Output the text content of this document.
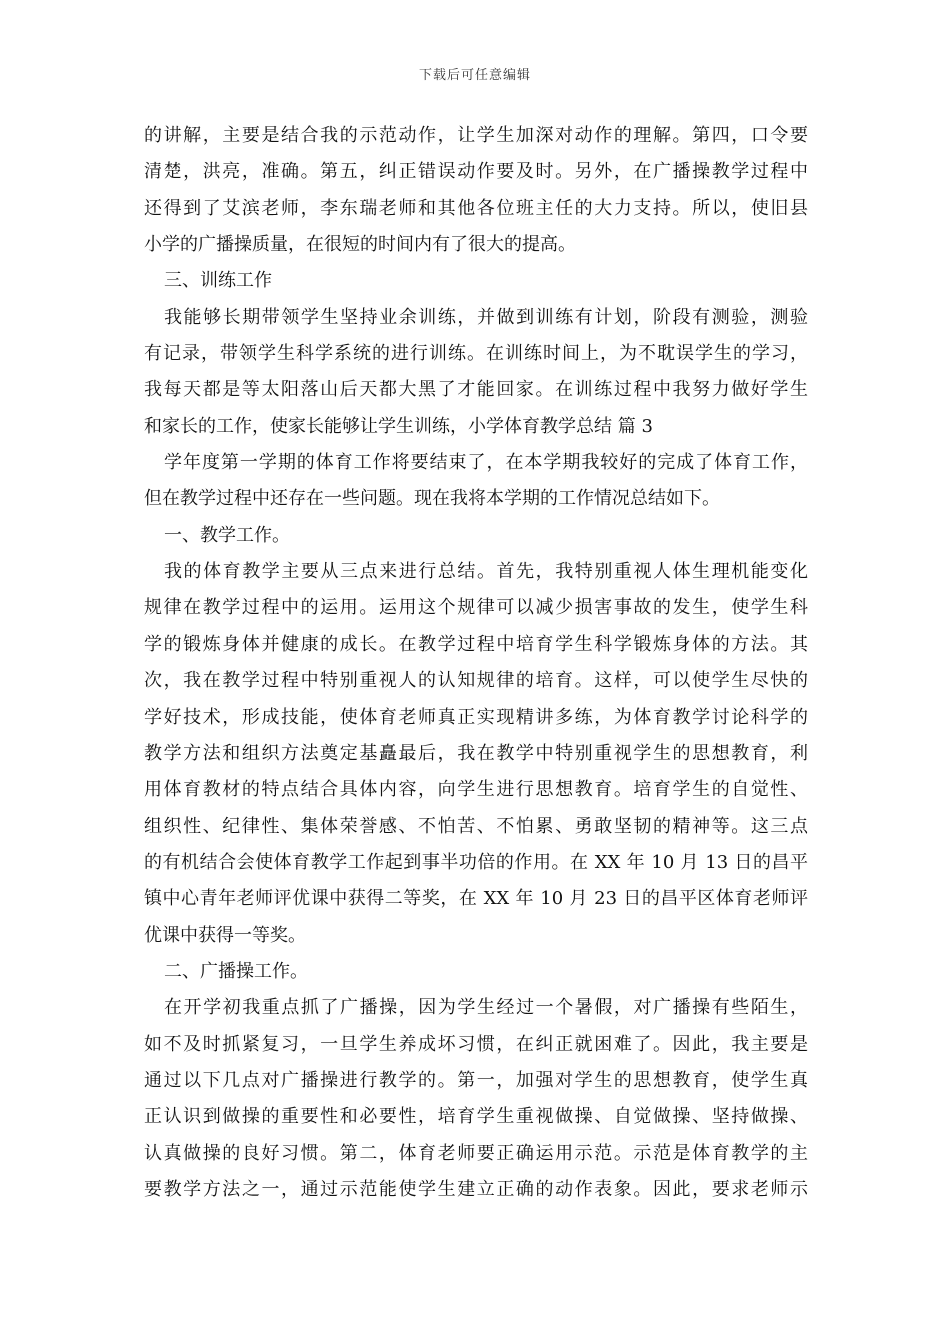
下载后可任意编辑
的讲解，主要是结合我的示范动作，让学生加深对动作的理解。第四，口令要
清楚，洪亮，准确。第五，纠正错误动作要及时。另外，在广播操教学过程中
还得到了艾滨老师，李东瑞老师和其他各位班主任的大力支持。所以，使旧县
小学的广播操质量，在很短的时间内有了很大的提高。
三、训练工作
我能够长期带领学生坚持业余训练，并做到训练有计划，阶段有测验，测验
有记录，带领学生科学系统的进行训练。在训练时间上，为不耽误学生的学习，
我每天都是等太阳落山后天都大黑了才能回家。在训练过程中我努力做好学生
和家长的工作，使家长能够让学生训练，小学体育教学总结 篇 3
学年度第一学期的体育工作将要结束了，在本学期我较好的完成了体育工作，
但在教学过程中还存在一些问题。现在我将本学期的工作情况总结如下。
一、教学工作。
我的体育教学主要从三点来进行总结。首先，我特别重视人体生理机能变化
规律在教学过程中的运用。运用这个规律可以减少损害事故的发生，使学生科
学的锻炼身体并健康的成长。在教学过程中培育学生科学锻炼身体的方法。其
次，我在教学过程中特别重视人的认知规律的培育。这样，可以使学生尽快的
学好技术，形成技能，使体育老师真正实现精讲多练，为体育教学讨论科学的
教学方法和组织方法奠定基矗最后，我在教学中特别重视学生的思想教育，利
用体育教材的特点结合具体内容，向学生进行思想教育。培育学生的自觉性、
组织性、纪律性、集体荣誉感、不怕苦、不怕累、勇敢坚韧的精神等。这三点
的有机结合会使体育教学工作起到事半功倍的作用。在 XX 年 10 月 13 日的昌平
镇中心青年老师评优课中获得二等奖，在 XX 年 10 月 23 日的昌平区体育老师评
优课中获得一等奖。
二、广播操工作。
在开学初我重点抓了广播操，因为学生经过一个暑假，对广播操有些陌生，
如不及时抓紧复习，一旦学生养成坏习惯，在纠正就困难了。因此，我主要是
通过以下几点对广播操进行教学的。第一，加强对学生的思想教育，使学生真
正认识到做操的重要性和必要性，培育学生重视做操、自觉做操、坚持做操、
认真做操的良好习惯。第二，体育老师要正确运用示范。示范是体育教学的主
要教学方法之一，通过示范能使学生建立正确的动作表象。因此，要求老师示
